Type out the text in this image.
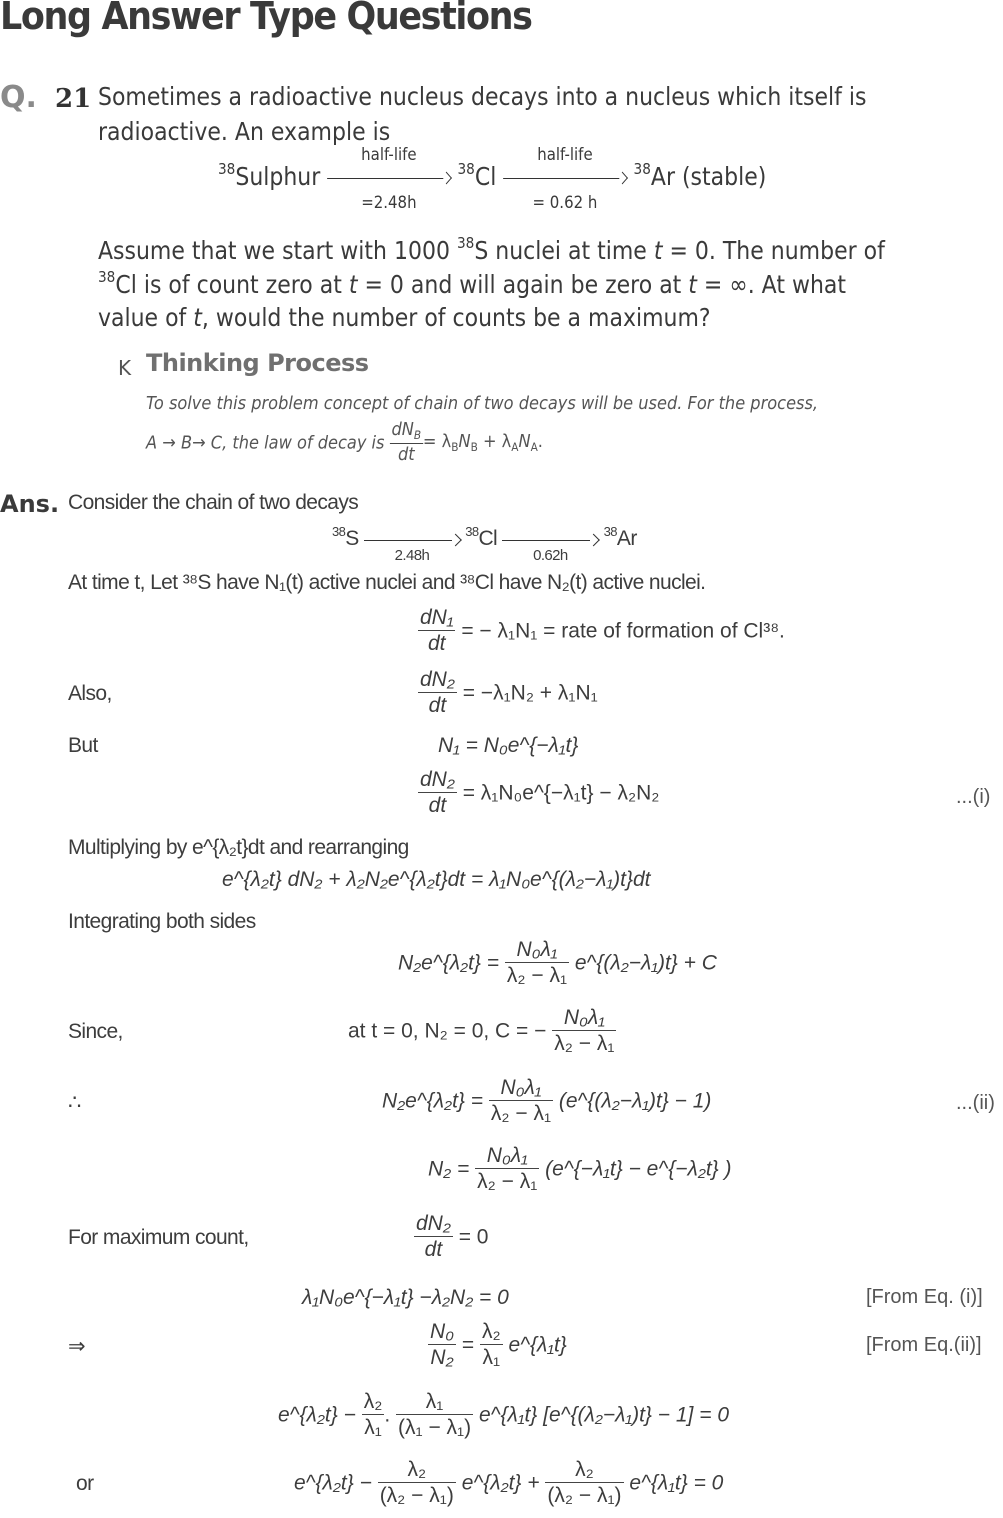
Long Answer Type Questions
Q. 21 Sometimes a radioactive nucleus decays into a nucleus which itself is
radioactive. An example is
$^{38}$Sulphur
half-life
=2.48h
$^{38}$Cl
half-life
= 0.62 h
$^{38}$Ar (stable)
Assume that we start with 1000 $^{38}$S nuclei at time t = 0. The number of
$^{38}$Cl is of count zero at t = 0 and will again be zero at t = ∞. At what
value of t, would the number of counts be a maximum?
K Thinking Process
To solve this problem concept of chain of two decays will be used. For the process,
A → B→ C, the law of decay is $\frac{dN_B}{dt} = \lambda_BN_B + \lambda_AN_A$.
Ans. Consider the chain of two decays
$^{38}$S
2.48h
$^{38}$Cl
0.62h
$^{38}$Ar
At time t, Let ³⁸S have N₁(t) active nuclei and ³⁸Cl have N₂(t) active nuclei.
$\frac{\text{dN₁}}{dt}$ = − λ₁N₁ = rate of formation of Cl³⁸.
Also,	$\frac{\text{dN₂}}{dt} = -\lambda_1N_2 + \lambda_1N_1$
But	N₁ = N₀e^{−λ₁t}
$\frac{\text{dN₂}}{dt}$ = λ₁N₀e^{−λ₁t} − λ₂N₂	...(i)
Multiplying by e^{λ₂t}dt and rearranging
e^{λ₂t} dN₂ + λ₂N₂e^{λ₂t}dt = λ₁N₀e^{(λ₂−λ₁)t}dt
Integrating both sides
N₂e^{λ₂t} = $\frac{\text{N₀λ₁}}{\text{λ₂ − λ₁}}$ e^{(λ₂−λ₁)t} + C
Since,	at t = 0, N₂ = 0, C = − $\frac{\text{N₀λ₁}}{\text{λ₂ − λ₁}}$
∴	N₂e^{λ₂t} = $\frac{\text{N₀λ₁}}{\text{λ₂ − λ₁}}$ (e^{(λ₂−λ₁)t} − 1)	...(ii)
$N_2 = \frac{\text{N₀λ₁}}{\text{λ₂ − λ₁}}$ (e^{−λ₁t} − e^{−λ₂t} )
For maximum count,	$\frac{\text{dN₂}}{dt} = 0$
λ₁N₀e^{−λ₁t} −λ₂N₂ = 0	[From Eq. (i)]
⇒	$\frac{\text{N₀}}{\text{N₂}} = \frac{\text{λ₂}}{\text{λ₁}}$ e^{λ₁t}	[From Eq.(ii)]
e^{λ₂t} − $\frac{\text{λ₂}}{\text{λ₁}}$ . $\frac{\text{λ₁}}{\text{(λ₁ − λ₁)}}$ e^{λ₁t} [e^{(λ₂−λ₁)t} − 1] = 0
or	e^{λ₂t} − $\frac{\text{λ₂}}{\text{(λ₂ − λ₁)}}$ e^{λ₂t} + $\frac{\text{λ₂}}{\text{(λ₂ − λ₁)}}$ e^{λ₁t} = 0
